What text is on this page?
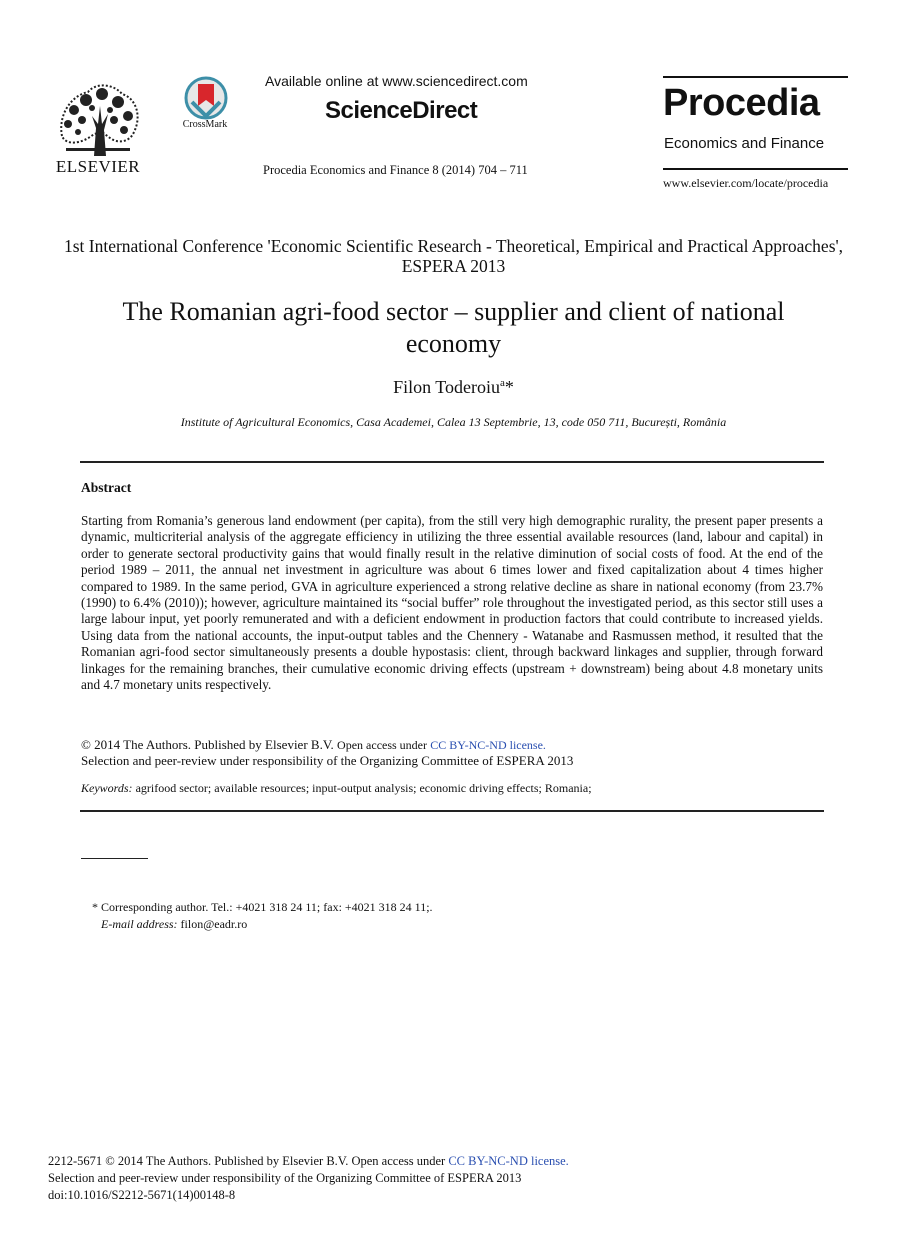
ELSEVIER
CrossMark
Available online at www.sciencedirect.com
ScienceDirect
Procedia Economics and Finance 8 (2014) 704 – 711
Procedia
Economics and Finance
www.elsevier.com/locate/procedia
1st International Conference 'Economic Scientific Research - Theoretical, Empirical and Practical Approaches', ESPERA 2013
The Romanian agri-food sector – supplier and client of national economy
Filon Toderoiu$^a$*
Institute of Agricultural Economics, Casa Academei, Calea 13 Septembrie, 13, code 050 711, București, România
Abstract
Starting from Romania’s generous land endowment (per capita), from the still very high demographic rurality, the present paper presents a dynamic, multicriterial analysis of the aggregate efficiency in utilizing the three essential available resources (land, labour and capital) in order to generate sectoral productivity gains that would finally result in the relative diminution of social costs of food. At the end of the period 1989 – 2011, the annual net investment in agriculture was about 6 times lower and fixed capitalization about 4 times higher compared to 1989. In the same period, GVA in agriculture experienced a strong relative decline as share in national economy (from 23.7% (1990) to 6.4% (2010)); however, agriculture maintained its “social buffer” role throughout the investigated period, as this sector still uses a large labour input, yet poorly remunerated and with a deficient endowment in production factors that could contribute to increased yields. Using data from the national accounts, the input-output tables and the Chennery - Watanabe and Rasmussen method, it resulted that the Romanian agri-food sector simultaneously presents a double hypostasis: client, through backward linkages and supplier, through forward linkages for the remaining branches, their cumulative economic driving effects (upstream + downstream) being about 4.8 monetary units and 4.7 monetary units respectively.
© 2014 The Authors. Published by Elsevier B.V. Open access under CC BY-NC-ND license.
Selection and peer-review under responsibility of the Organizing Committee of ESPERA 2013
Keywords: agrifood sector; available resources; input-output analysis; economic driving effects; Romania;
* Corresponding author. Tel.: +4021 318 24 11; fax: +4021 318 24 11;.
E-mail address: filon@eadr.ro
2212-5671 © 2014 The Authors. Published by Elsevier B.V. Open access under CC BY-NC-ND license.
Selection and peer-review under responsibility of the Organizing Committee of ESPERA 2013
doi:10.1016/S2212-5671(14)00148-8
